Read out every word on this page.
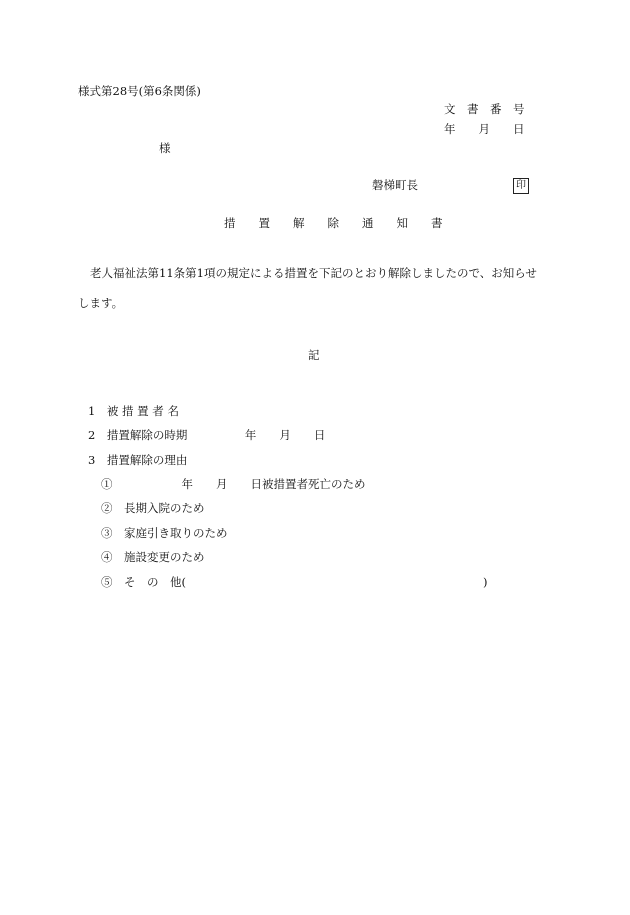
様式第28号(第6条関係)
文　書　番　号
年　　月　　日
様
磐梯町長	印
措　　置　　解　　除　　通　　知　　書
老人福祉法第11条第1項の規定による措置を下記のとおり解除しましたので、お知らせします。
記
1　被 措 置 者 名
2　措置解除の時期　　　　　年　　月　　日
3　措置解除の理由
①　　　　　　年　　月　　日被措置者死亡のため
②　長期入院のため
③　家庭引き取りのため
④　施設変更のため
⑤　そ　の　他(	)
